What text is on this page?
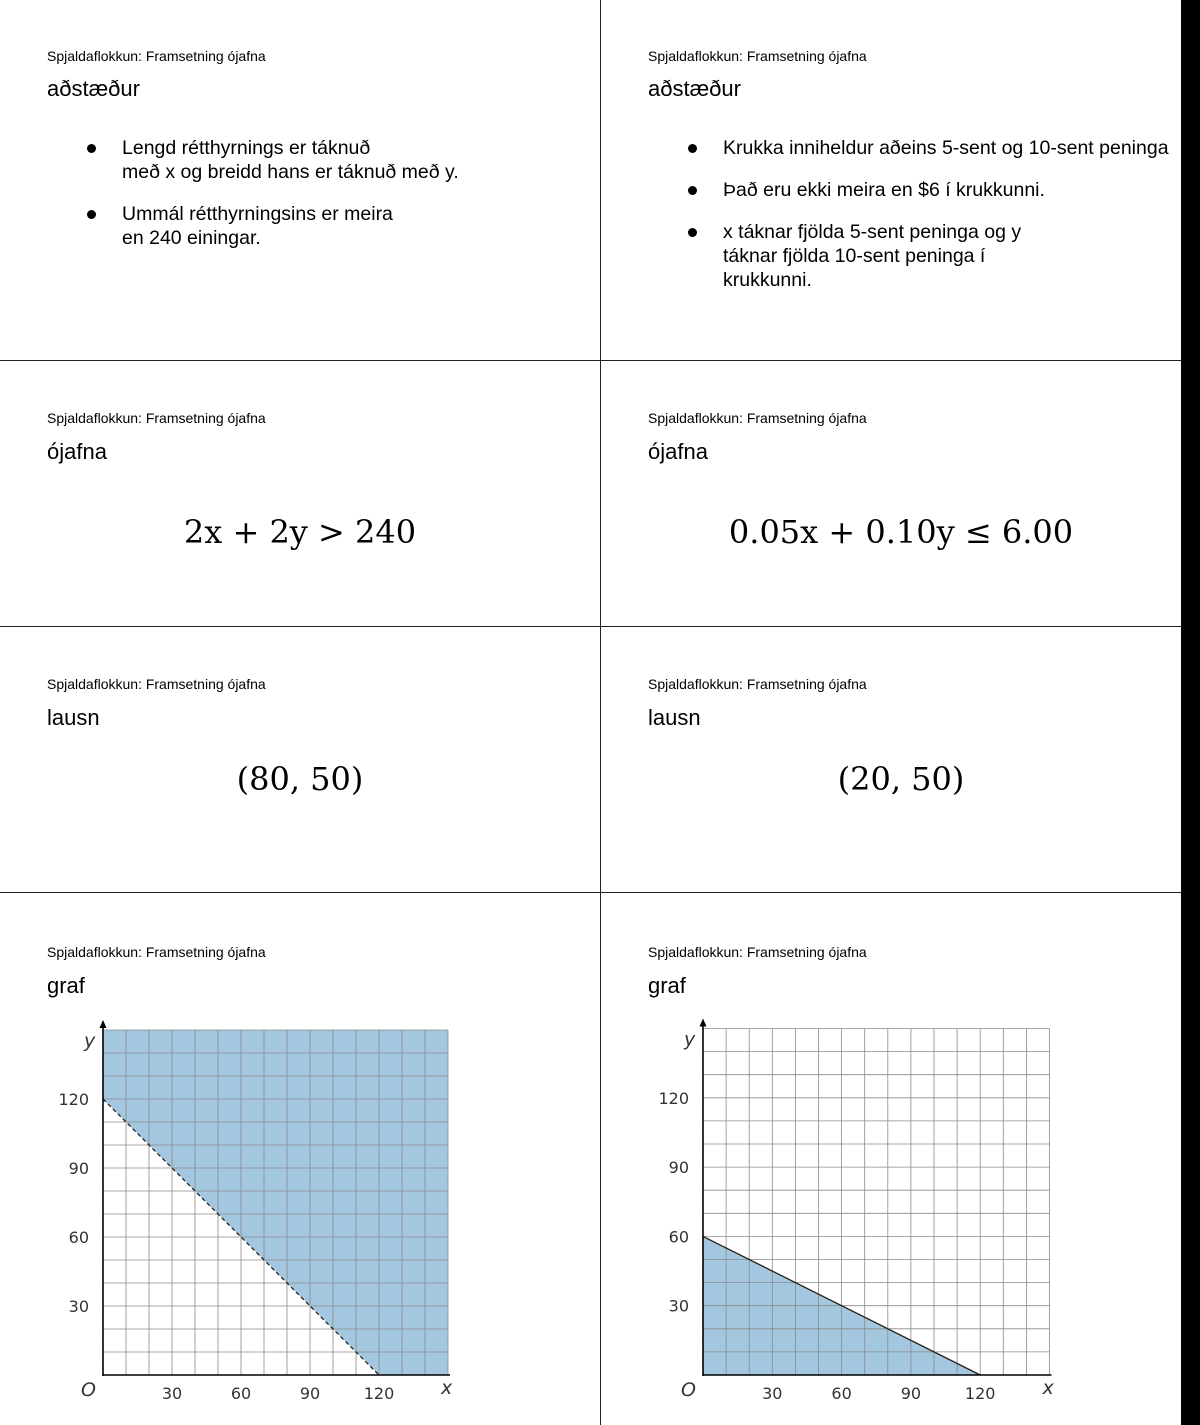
Spjaldaflokkun: Framsetning ójafna
aðstæður
Lengd rétthyrnings er táknuð
með x og breidd hans er táknuð með y.
Ummál rétthyrningsins er meira
en 240 einingar.
Spjaldaflokkun: Framsetning ójafna
aðstæður
Krukka inniheldur aðeins 5-sent og 10-sent peninga
Það eru ekki meira en $6 í krukkunni.
x táknar fjölda 5-sent peninga og y
táknar fjölda 10-sent peninga í
krukkunni.
Spjaldaflokkun: Framsetning ójafna
ójafna
2x + 2y > 240
Spjaldaflokkun: Framsetning ójafna
ójafna
0.05x + 0.10y ≤ 6.00
Spjaldaflokkun: Framsetning ójafna
lausn
(80, 50)
Spjaldaflokkun: Framsetning ójafna
lausn
(20, 50)
Spjaldaflokkun: Framsetning ójafna
graf
30	60	90	120
30
60
90
120
x
y
O
Spjaldaflokkun: Framsetning ójafna
graf
30	60	90	120
30
60
90
120
x
y
O
